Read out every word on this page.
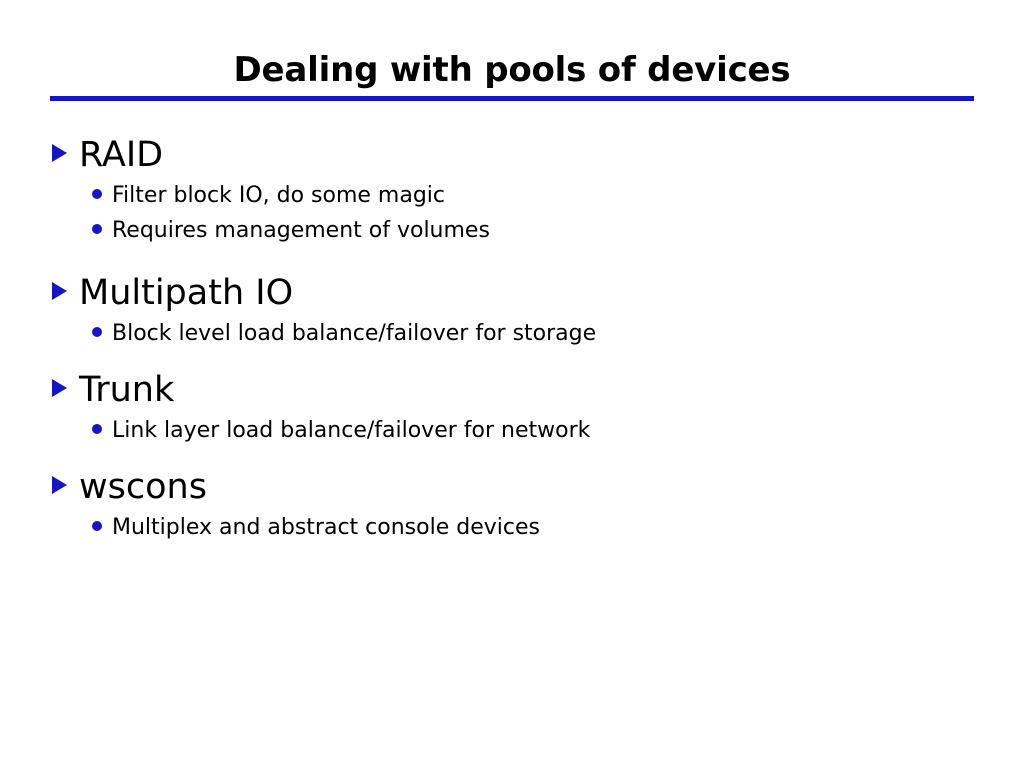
Dealing with pools of devices
RAID
Filter block IO, do some magic
Requires management of volumes
Multipath IO
Block level load balance/failover for storage
Trunk
Link layer load balance/failover for network
wscons
Multiplex and abstract console devices
